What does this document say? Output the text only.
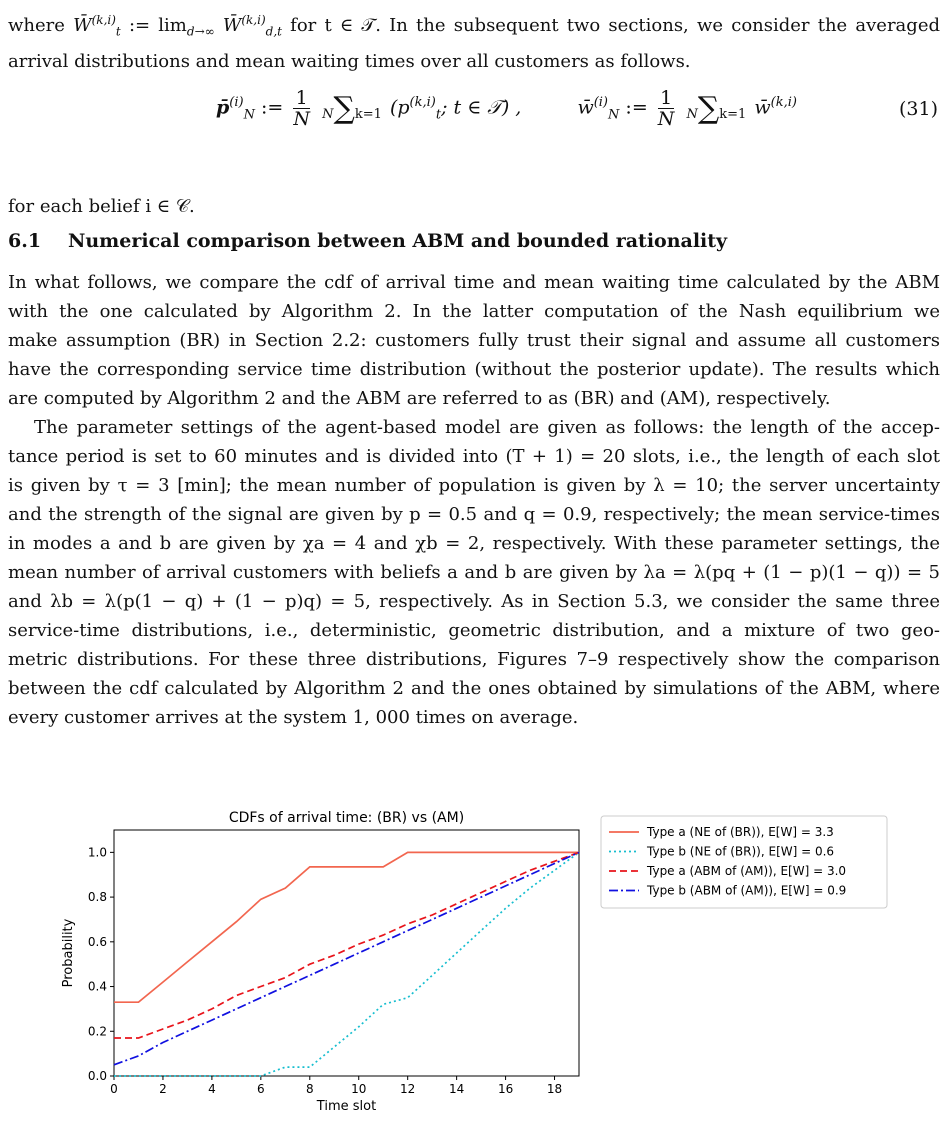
where W̄$^{(k,i)}_t$ := $\lim_{d\to\infty}$ W̄$^{(k,i)}_{d,t}$ for t ∈ 𝒯. In the subsequent two sections, we consider the averaged
arrival distributions and mean waiting times over all customers as follows.
p̄$^{(i)}_N$ := $\frac{1}{N} N\sum k=1$ ($p^{(k,i)}_t$; t ∈ 𝒯) ,	w̄$^{(i)}_N$ := $\frac{1}{N} N\sum k=1$ w̄$^{(k,i)}$	(31)
for each belief i ∈ 𝒞.
6.1 Numerical comparison between ABM and bounded rationality
In what follows, we compare the cdf of arrival time and mean waiting time calculated by the ABM
with the one calculated by Algorithm 2. In the latter computation of the Nash equilibrium we
make assumption (BR) in Section 2.2: customers fully trust their signal and assume all customers
have the corresponding service time distribution (without the posterior update). The results which
are computed by Algorithm 2 and the ABM are referred to as (BR) and (AM), respectively.
The parameter settings of the agent-based model are given as follows: the length of the accep-
tance period is set to 60 minutes and is divided into (T + 1) = 20 slots, i.e., the length of each slot
is given by τ = 3 [min]; the mean number of population is given by λ = 10; the server uncertainty
and the strength of the signal are given by p = 0.5 and q = 0.9, respectively; the mean service-times
in modes a and b are given by χa = 4 and χb = 2, respectively. With these parameter settings, the
mean number of arrival customers with beliefs a and b are given by λa = λ(pq + (1 − p)(1 − q)) = 5
and λb = λ(p(1 − q) + (1 − p)q) = 5, respectively. As in Section 5.3, we consider the same three
service-time distributions, i.e., deterministic, geometric distribution, and a mixture of two geo-
metric distributions. For these three distributions, Figures 7–9 respectively show the comparison
between the cdf calculated by Algorithm 2 and the ones obtained by simulations of the ABM, where
every customer arrives at the system 1, 000 times on average.
CDFs of arrival time: (BR) vs (AM)
0	2	4	6	8	10	12	14	16	18
0.0
0.2
0.4
0.6
0.8
1.0
Time slot
Probability
Type a (NE of (BR)), E[W] = 3.3
Type b (NE of (BR)), E[W] = 0.6
Type a (ABM of (AM)), E[W] = 3.0
Type b (ABM of (AM)), E[W] = 0.9
